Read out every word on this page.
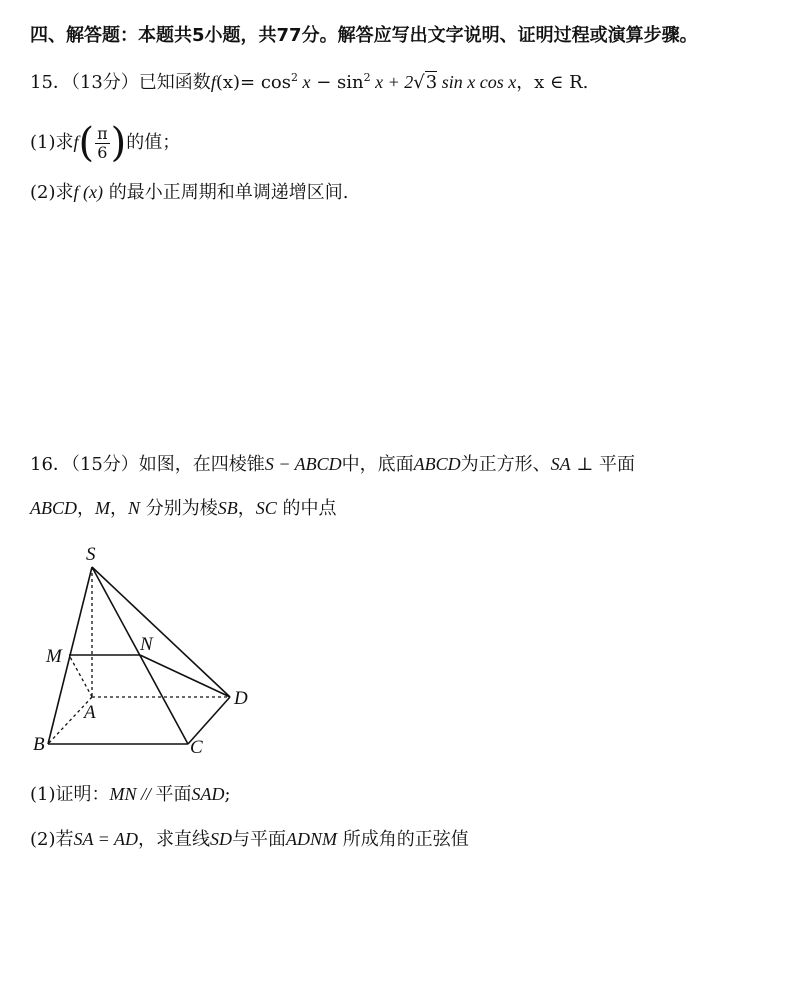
四、解答题：本题共5小题，共77分。解答应写出文字说明、证明过程或演算步骤。
15．（13分）已知函数$f(x)= \cos^2 x - \sin^2 x + 2√3$ sin x cos x，x ∈ R.
(1)求$f( \frac{\pi}{6}$ )的值；
(2)求f (x) 的最小正周期和单调递增区间.
16．（15分）如图，在四棱锥S − ABCD中，底面ABCD为正方形、SA ⊥ 平面
ABCD，M，N 分别为棱SB，SC 的中点
S
M
N
A
B	C
D
(1)证明：MN // 平面SAD;
(2)若SA = AD，求直线SD与平面ADNM 所成角的正弦值
